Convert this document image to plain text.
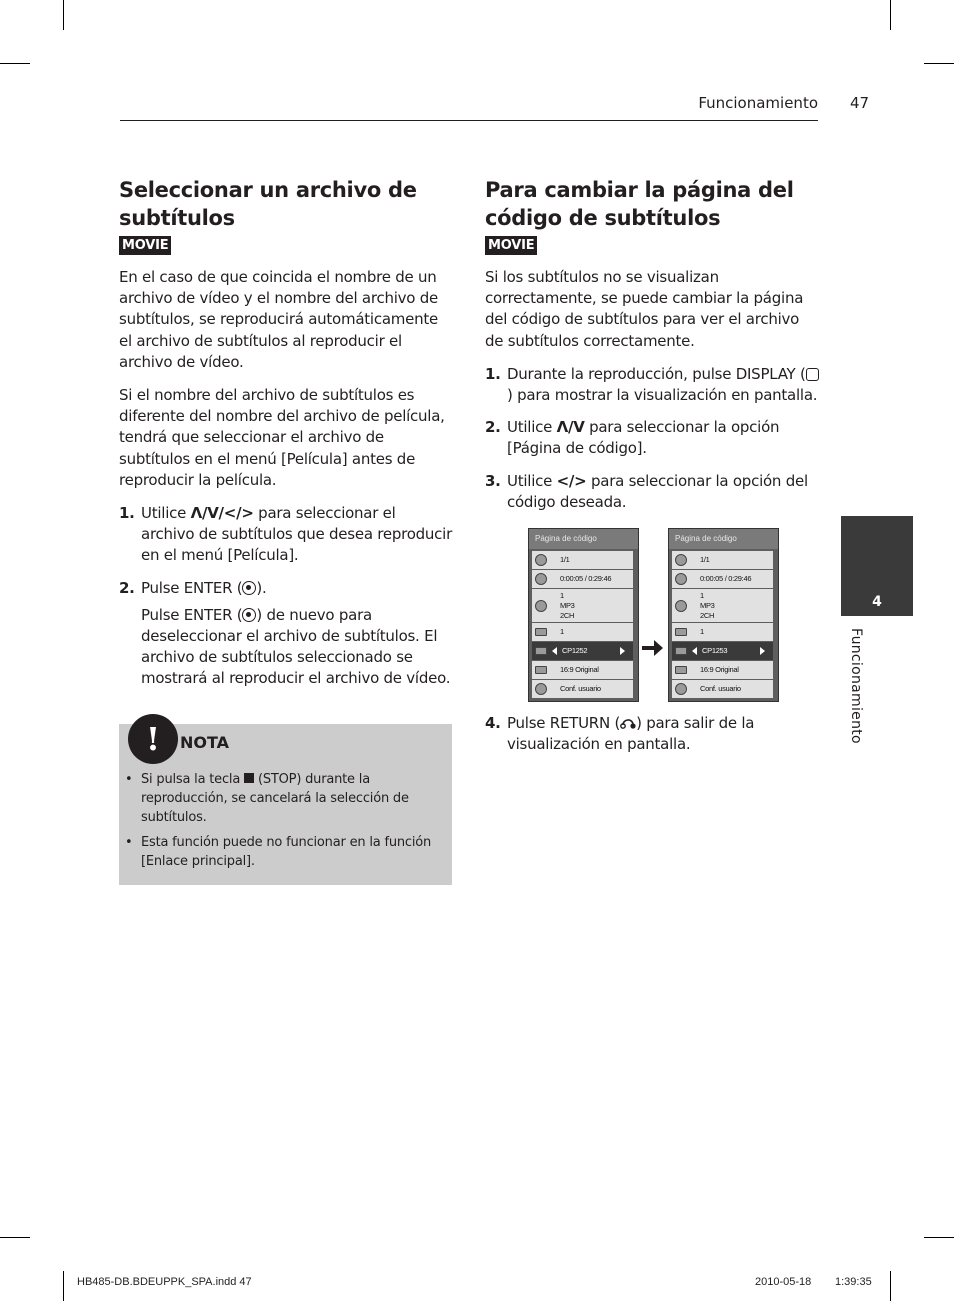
Funcionamiento 47
Seleccionar un archivo de subtítulos
MOVIE

En el caso de que coincida el nombre de un archivo de vídeo y el nombre del archivo de subtítulos, se reproducirá automáticamente el archivo de subtítulos al reproducir el archivo de vídeo.

Si el nombre del archivo de subtítulos es diferente del nombre del archivo de película, tendrá que seleccionar el archivo de subtítulos en el menú [Película] antes de reproducir la película.

1. Utilice Λ/V/</> para seleccionar el archivo de subtítulos que desea reproducir en el menú [Película].
2. Pulse ENTER ( ).
Pulse ENTER ( ) de nuevo para deseleccionar el archivo de subtítulos. El archivo de subtítulos seleccionado se mostrará al reproducir el archivo de vídeo.
!	NOTA
• Si pulsa la tecla  (STOP) durante la reproducción, se cancelará la selección de subtítulos.
• Esta función puede no funcionar en la función [Enlace principal].
Para cambiar la página del código de subtítulos
MOVIE

Si los subtítulos no se visualizan correctamente, se puede cambiar la página del código de subtítulos para ver el archivo de subtítulos correctamente.

1. Durante la reproducción, pulse DISPLAY () para mostrar la visualización en pantalla.
2. Utilice Λ/V para seleccionar la opción [Página de código].
3. Utilice </> para seleccionar la opción del código deseada.
Página de código
1/1
0:00:05 / 0:29:46
1
MP3
2CH
1
CP1252
16:9 Original
Conf. usuario
Página de código
1/1
0:00:05 / 0:29:46
1
MP3
2CH
1
CP1253
16:9 Original
Conf. usuario
4. Pulse RETURN ( ) para salir de la visualización en pantalla.
4
Funcionamiento
HB485-DB.BDEUPPK_SPA.indd 47	2010-05-18 1:39:35
